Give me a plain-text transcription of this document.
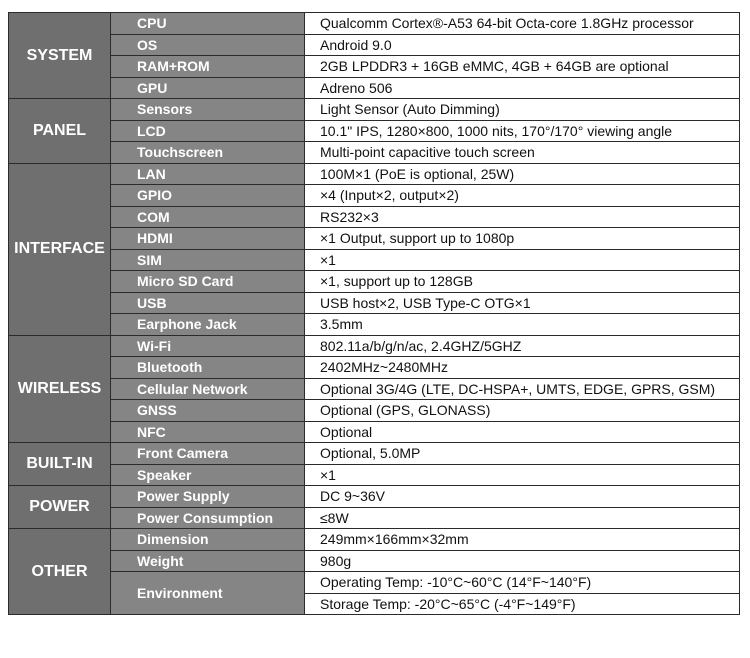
SYSTEM	CPU	Qualcomm Cortex®-A53 64-bit Octa-core 1.8GHz processor
	OS	Android 9.0
	RAM+ROM	2GB LPDDR3 + 16GB eMMC, 4GB + 64GB are optional
	GPU	Adreno 506
PANEL	Sensors	Light Sensor (Auto Dimming)
	LCD	10.1" IPS, 1280×800, 1000 nits, 170°/170° viewing angle
	Touchscreen	Multi-point capacitive touch screen
INTERFACE	LAN	100M×1 (PoE is optional, 25W)
	GPIO	×4 (Input×2, output×2)
	COM	RS232×3
	HDMI	×1 Output, support up to 1080p
	SIM	×1
	Micro SD Card	×1, support up to 128GB
	USB	USB host×2, USB Type-C OTG×1
	Earphone Jack	3.5mm
WIRELESS	Wi-Fi	802.11a/b/g/n/ac, 2.4GHZ/5GHZ
	Bluetooth	2402MHz~2480MHz
	Cellular Network	Optional 3G/4G (LTE, DC-HSPA+, UMTS, EDGE, GPRS, GSM)
	GNSS	Optional (GPS, GLONASS)
	NFC	Optional
BUILT-IN	Front Camera	Optional, 5.0MP
	Speaker	×1
POWER	Power Supply	DC 9~36V
	Power Consumption	≤8W
OTHER	Dimension	249mm×166mm×32mm
	Weight	980g
	Environment	Operating Temp: -10°C~60°C (14°F~140°F)
		Storage Temp: -20°C~65°C (-4°F~149°F)
